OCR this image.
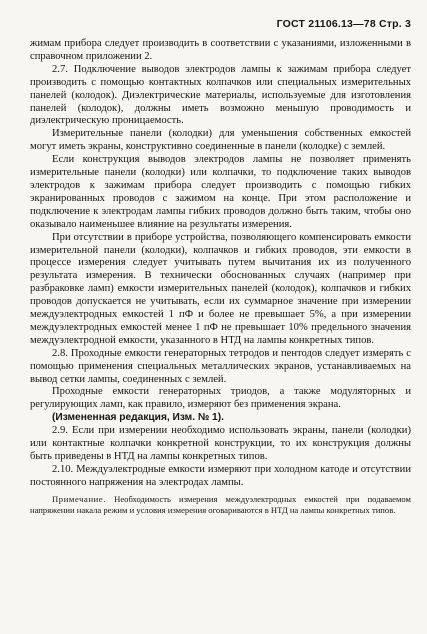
ГОСТ 21106.13—78 Стр. 3

жимам прибора следует производить в соответствии с указаниями, изложенными в справочном приложении 2.

2.7. Подключение выводов электродов лампы к зажимам прибора следует производить с помощью контактных колпачков или специальных измерительных панелей (колодок). Диэлектрические материалы, используемые для изготовления панелей (колодок), должны иметь возможно меньшую проводимость и диэлектрическую проницаемость.

Измерительные панели (колодки) для уменьшения собственных емкостей могут иметь экраны, конструктивно соединенные в панели (колодке) с землей.

Если конструкция выводов электродов лампы не позволяет применять измерительные панели (колодки) или колпачки, то подключение таких выводов электродов к зажимам прибора следует производить с помощью гибких экранированных проводов с зажимом на конце. При этом расположение и подключение к электродам лампы гибких проводов должно быть таким, чтобы оно оказывало наименьшее влияние на результаты измерения.

При отсутствии в приборе устройства, позволяющего компенсировать емкости измерительной панели (колодки), колпачков и гибких проводов, эти емкости в процессе измерения следует учитывать путем вычитания их из полученного результата измерения. В технически обоснованных случаях (например при разбраковке ламп) емкости измерительных панелей (колодок), колпачков и гибких проводов допускается не учитывать, если их суммарное значение при измерении междуэлектродных емкостей 1 пФ и более не превышает 5%, а при измерении междуэлектродных емкостей менее 1 пФ не превышает 10% предельного значения междуэлектродной емкости, указанного в НТД на лампы конкретных типов.

2.8. Проходные емкости генераторных тетродов и пентодов следует измерять с помощью применения специальных металлических экранов, устанавливаемых на вывод сетки лампы, соединенных с землей.

Проходные емкости генераторных триодов, а также модуляторных и регулирующих ламп, как правило, измеряют без применения экрана.

(Измененная редакция, Изм. № 1).

2.9. Если при измерении необходимо использовать экраны, панели (колодки) или контактные колпачки конкретной конструкции, то их конструкция должны быть приведены в НТД на лампы конкретных типов.

2.10. Междуэлектродные емкости измеряют при холодном катоде и отсутствии постоянного напряжения на электродах лампы.

Примечание. Необходимость измерения междуэлектродных емкостей при подаваемом напряжении накала режим и условия измерения оговариваются в НТД на лампы конкретных типов.
